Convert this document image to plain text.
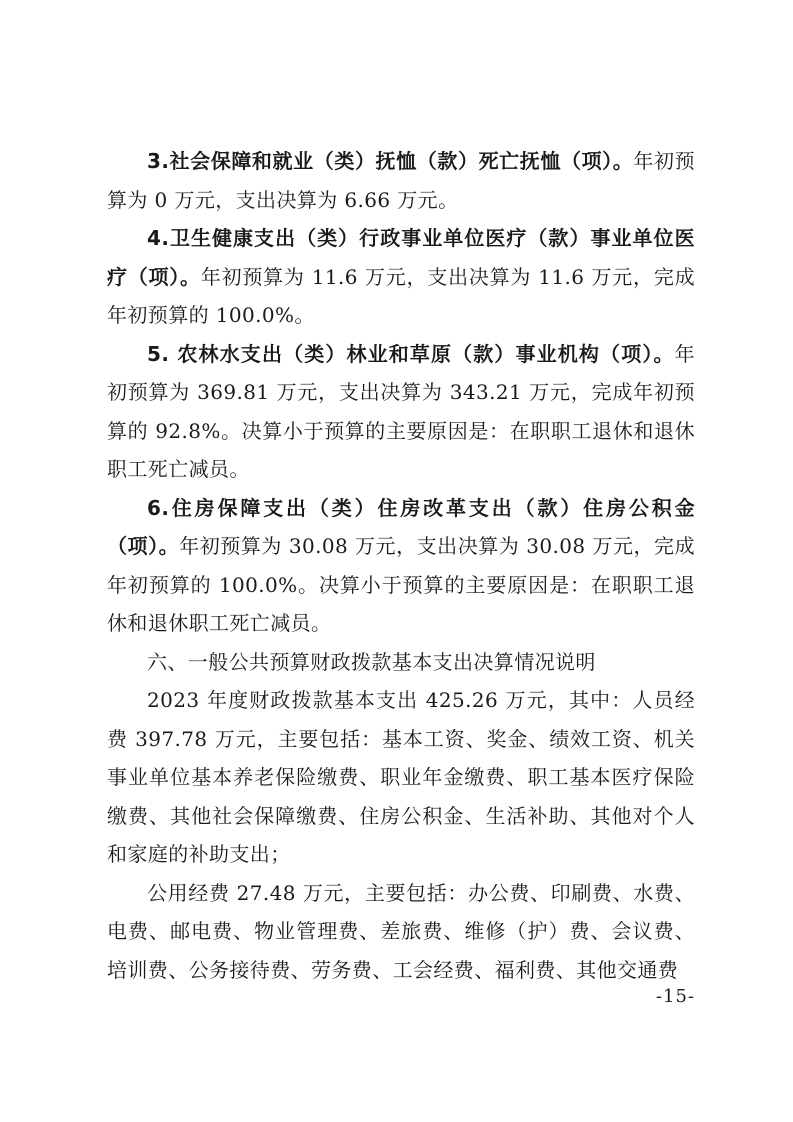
3.社会保障和就业（类）抚恤（款）死亡抚恤（项）。年初预算为 0 万元，支出决算为 6.66 万元。

4.卫生健康支出（类）行政事业单位医疗（款）事业单位医疗（项）。年初预算为 11.6 万元，支出决算为 11.6 万元，完成年初预算的 100.0%。

5. 农林水支出（类）林业和草原（款）事业机构（项）。年初预算为 369.81 万元，支出决算为 343.21 万元，完成年初预算的 92.8%。决算小于预算的主要原因是：在职职工退休和退休职工死亡减员。

6.住房保障支出（类）住房改革支出（款）住房公积金（项）。年初预算为 30.08 万元，支出决算为 30.08 万元，完成年初预算的 100.0%。决算小于预算的主要原因是：在职职工退休和退休职工死亡减员。

六、一般公共预算财政拨款基本支出决算情况说明

2023 年度财政拨款基本支出 425.26 万元，其中：人员经费 397.78 万元，主要包括：基本工资、奖金、绩效工资、机关事业单位基本养老保险缴费、职业年金缴费、职工基本医疗保险缴费、其他社会保障缴费、住房公积金、生活补助、其他对个人和家庭的补助支出；

公用经费 27.48 万元，主要包括：办公费、印刷费、水费、电费、邮电费、物业管理费、差旅费、维修（护）费、会议费、培训费、公务接待费、劳务费、工会经费、福利费、其他交通费

-15-
